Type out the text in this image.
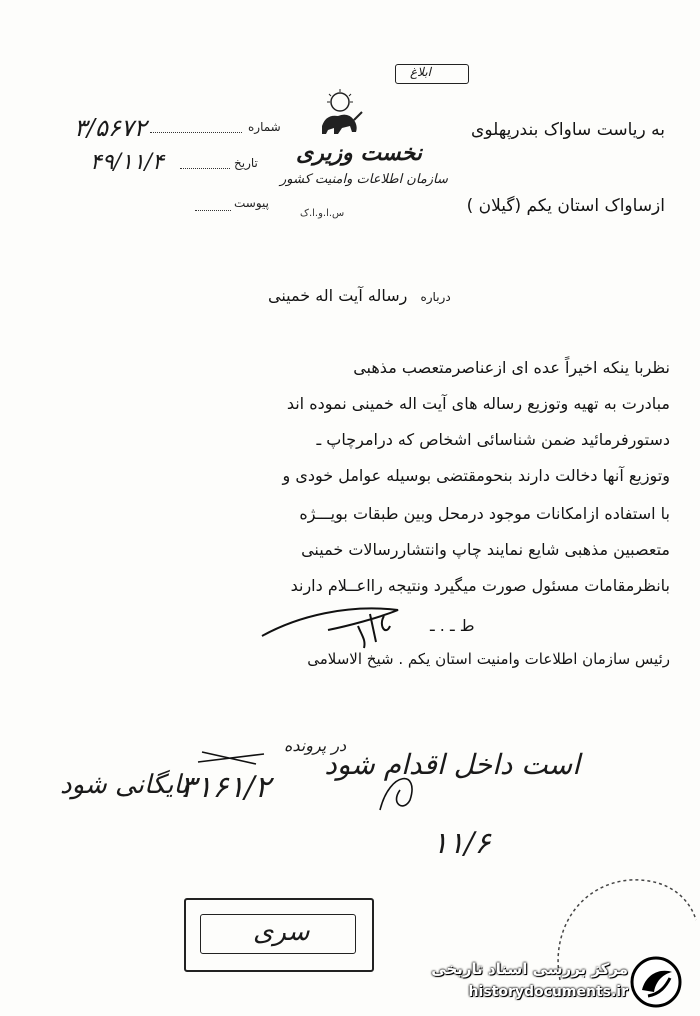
ابلاغ
نخست وزیری
سازمان اطلاعات وامنیت کشور
س.ا.و.ا.ک
شماره
۳/۵۶۷۲
تاریخ
۴۹/۱۱/۴
پیوست
به ریاست ساواک بندرپهلوی
ازساواک استان یکم (گیلان )
درباره رساله آیت اله خمینی
نظربا ینکه اخیراً عده ای ازعناصرمتعصب مذهبی
مبادرت به تهیه وتوزیع رساله های آیت اله خمینی نموده اند
دستورفرمائید ضمن شناسائی اشخاص که درامرچاپ ـ
وتوزیع آنها دخالت دارند بنحومقتضی بوسیله عوامل خودی و
با استفاده ازامکانات موجود درمحل وبین طبقات بویـــژه
متعصبین مذهبی شایع نمایند چاپ وانتشاررسالات خمینی
بانظرمقامات مسئول صورت میگیرد ونتیجه رااعــلام دارند
ط ـ . ـ
رئیس سازمان اطلاعات وامنیت استان یکم . شیخ الاسلامی
است داخل اقدام شود
۱۱/۶
در پرونده
۳۱۶۱/۲
بایگانی شود
سری
مرکز بررسی اسناد تاریخی
historydocuments.ir
